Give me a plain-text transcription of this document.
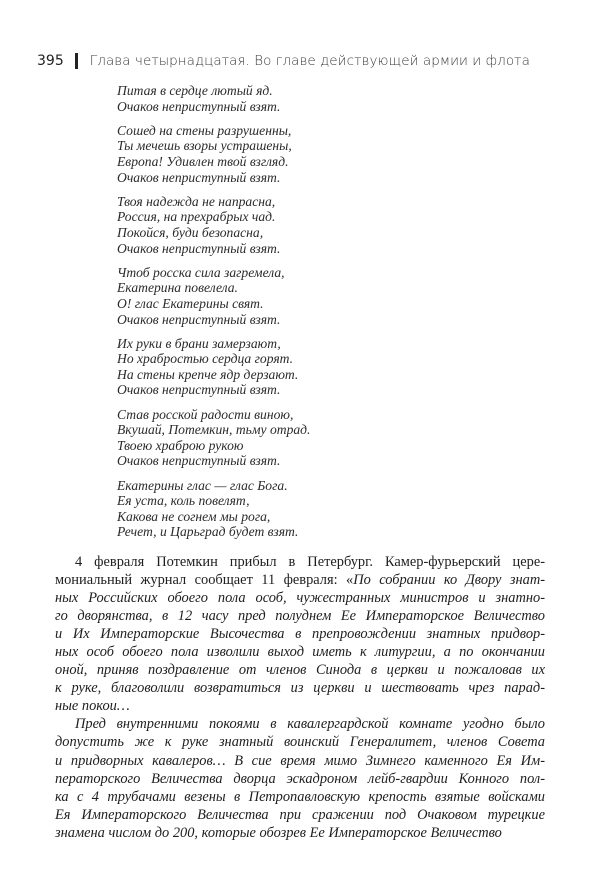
395 Глава четырнадцатая. Во главе действующей армии и флота
Питая в сердце лютый яд.
Очаков неприступный взят.
Сошед на стены разрушенны,
Ты мечешь взоры устрашены,
Европа! Удивлен твой взгляд.
Очаков неприступный взят.
Твоя надежда не напрасна,
Россия, на прехрабрых чад.
Покойся, буди безопасна,
Очаков неприступный взят.
Чтоб росска сила загремела,
Екатерина повелела.
О! глас Екатерины свят.
Очаков неприступный взят.
Их руки в брани замерзают,
Но храбростью сердца горят.
На стены крепче ядр дерзают.
Очаков неприступный взят.
Став росской радости виною,
Вкушай, Потемкин, тьму отрад.
Твоею храброю рукою
Очаков неприступный взят.
Екатерины глас — глас Бога.
Ея уста, коль повелят,
Какова не согнем мы рога,
Речет, и Царьград будет взят.
4 февраля Потемкин прибыл в Петербург. Камер-фурьерский цере-
мониальный журнал сообщает 11 февраля: «По собрании ко Двору знат-
ных Российских обоего пола особ, чужестранных министров и знатно-
го дворянства, в 12 часу пред полуднем Ее Императорское Величество
и Их Императорские Высочества в препровождении знатных придвор-
ных особ обоего пола изволили выход иметь к литургии, а по окончании
оной, приняв поздравление от членов Синода в церкви и пожаловав их
к руке, благоволили возвратиться из церкви и шествовать чрез парад-
ные покои…
Пред внутренними покоями в кавалергардской комнате угодно было
допустить же к руке знатный воинский Генералитет, членов Совета
и придворных кавалеров… В сие время мимо Зимнего каменного Ея Им-
ператорского Величества дворца эскадроном лейб-гвардии Конного пол-
ка с 4 трубачами везены в Петропавловскую крепость взятые войсками
Ея Императорского Величества при сражении под Очаковом турецкие
знамена числом до 200, которые обозрев Ее Императорское Величество
